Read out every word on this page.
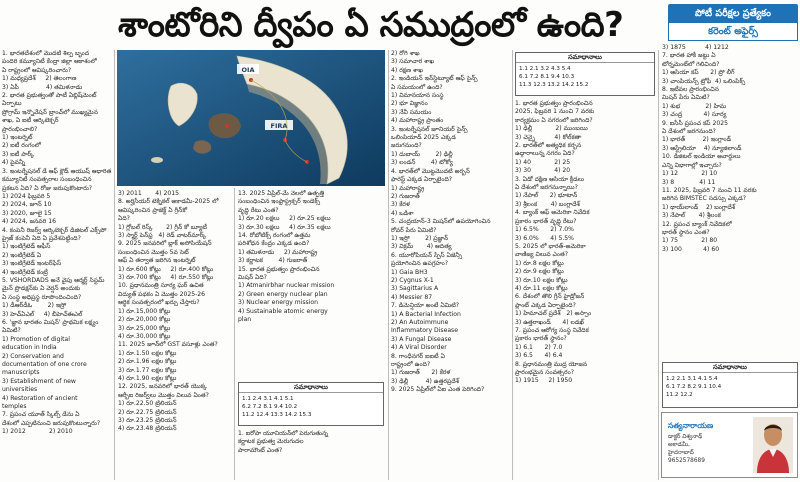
శాంటోరిని ద్వీపం ఏ సముద్రంలో ఉంది?	పోటీ పరీక్షల ప్రత్యేకం
కరెంట్ అఫైర్స్

1. భారతదేశంలో మొదటి శిల్ప బృంద

పందిరి కమ్యూనిటీ కేంద్రా జిల్లా ఆకాశంలో

ఏ రాష్ట్రంలో ఆవిష్కరించారు?

1) మధ్యప్రదేశ్     2) తెలంగాణ

3) ఏపీ              4) తమిళనాడు

2. భారత ప్రభుత్వంతో పాటీ ఏబ్లిష్‌మెంట్ ఏర్పాటు

ప్రోగ్రామ్‌ ఇన్నొవేషన్ బ్రాంచ్‌లో ముఖ్యమైన

శాఖ, ఏ ఐటీ ఆర్కిటెక్చర్

ప్రారంభించాలి?

1) ఇంటర్నెట్

2) ఐటీ రంగంలో

3) ఐటీ పార్క్

4) పైవన్నీ

3. ఇంటర్నేషనల్ డే ఆఫ్ క్లౌడ్ ఆయుష్ ఆధారిత

కమ్యూనిటీ సంవత్సరాల సంబంధించిన

ప్రకటన ఏది? ఏ రోజు జరుపుకొంటారు?

1) 2024 ఫిబ్రవరి 5

2) 2024, జూన్ 10

3) 2020, జూలై 15

4) 2024, జనవరి 16

4. కంపెనీ రిజర్వ్ ఆర్కిటెక్చర్ డిజిటల్ ఎక్స్‌పో

ప్రైజ్ కంపెనీ ఏది ఏ ప్రవేశపెట్టింది?

1) ఇంటిగ్రేటెడ్ ఆఫీస్

2) ఇంటిగ్రేటెడ్ ఏ

3) ఇంటిగ్రేటెడ్ ఇంటర్‌ఫేస్

4) ఇంటిగ్రేటెడ్ కంట్రీ

5. VSHORDADS అనే వైపు ఆర్మర్డ్ సిస్టమ్

మైన్ ప్రొడక్షన్‌కు ఏ వెర్షన్ అందుకు

ఏ సంస్థ అధిప్రస్థ రూపొందించింది?

1) డీఆర్‌డీఓ        2) ఇస్రో

3) హెచ్ఏఎల్     4) బీహెచ్ఈఎల్

6. 'జ్ఞాన భారతం మిషన్' ప్రాథమిక లక్ష్యం

ఏమిటి?

1) Promotion of digital

education in India

2) Conservation and

documentation of one crore

manuscripts

3) Establishment of new

universities

4) Restoration of ancient

temples

7. ప్రపంచ యూత్ స్కిల్స్ డేను ఏ

దేశంలో ఎప్పటినుంచి జరుపుకొంటున్నారు?

1) 2012            2) 2010

FIRA
OIA

3) 2011       4) 2015

8. అర్హిసీయర్ టెక్నికల్ అకాడమీ-2025 లో

ఆవిష్కరించిన ప్రాజెక్ట్ ఏ గ్రీన్‌కో

ఏది?

1) గ్లోబల్ రిస్క్       2) గ్రీన్ కో బ్యూటీ

3) స్మార్ట్ పెన్‌ఫ్ర   4) రెడ్ వాటర్‌మార్క్

9. 2025 జనవరిలో బ్లాక్ అసోసియేషన్

సంబంధించిన మొత్తం 5వ సెట్

ఆఫ్ ఏ తర్వాత జరిగిన ఇంటర్నెట్

1) రూ.600 కోట్లు     2) రూ.400 కోట్లు

3) రూ.700 కోట్లు     4) రూ.550 కోట్లు

10. ప్రధానమంత్రి సూర్య ఘర్ ఉచిత

విద్యుత్ పథకం ఏ మొత్తం 2025-26

ఆర్థిక సంవత్సరంలో ఖర్చు చేస్తారు?

1) రూ.15,000 కోట్లు

2) రూ.20,000 కోట్లు

3) రూ.25,000 కోట్లు

4) రూ.30,000 కోట్లు

11. 2025 జూన్‌లో GST వసూళ్లు ఎంత?

1) రూ.1.50 లక్షల కోట్లు

2) రూ.1.96 లక్షల కోట్లు

3) రూ.1.77 లక్షల కోట్లు

4) రూ.1.90 లక్షల కోట్లు

12. 2025, జనవరిలో భారత్ యొక్క

ఆర్బీఐ రిజర్వ్‌లు మొత్తం విలువ ఏంత?

1) రూ.22.50 ట్రిలియన్

2) రూ.22.75 ట్రిలియన్

3) రూ.23.25 ట్రిలియన్

4) రూ.23.48 ట్రిలియన్

13. 2025 ఏప్రిల్-మే నెలలో ఉత్పత్తి

సంబంధించిన ఇంఫ్రాస్ట్రక్చర్ ఇండెక్స్

వృద్ధి రేటు ఎంత?

1) రూ.20 లక్షలు     2) రూ.25 లక్షలు

3) రూ.30 లక్షలు     4) రూ.35 లక్షలు

14. రోబోటిక్స్ రంగంలో ఉత్తమ

పరిశోధన కేంద్రం ఎక్కడ ఉంది?

1) తమిళనాడు     2) మహారాష్ట్ర

3) కర్ణాటక        4) గుజరాత్

15. భారత ప్రభుత్వం ప్రారంభించిన

మిషన్ ఏది?

1) Atmanirbhar nuclear mission

2) Green energy nuclear plan

3) Nuclear energy mission

4) Sustainable atomic energy

plan

సమాధానాలు
1.1 2.4 3.1 4.1 5.1
6.2 7.2 8.1 9.4 10.2
11.2 12.4 13.3 14.2 15.3

1. ఐరోపా యూనియన్‌లో పెరుగుతున్న

కర్ణాటక ప్రభుత్వ మెరుగుదల

పారామౌంట్ ఎంత?

2) రోగి శాఖ

3) సమాచార శాఖ

4) రక్షణ శాఖ

2. ఇండియన్ ఇన్‌స్టిట్యూట్ ఆఫ్ సైన్స్

ఏ సమయంలో ఉంది?

1) విమానయాన సంస్థ

2) భూ విజ్ఞానం

3) నేవీ సమయం

4) మహారాష్ట్ర ప్రాంతం

3. ఇంటర్నేషనల్ జూనియర్ సైన్స్

ఒలింపియాడ్ 2025 ఎక్కడ

జరుగనుంది?

1) దుబాయ్        2) ఢిల్లీ

3) లండన్        4) టోక్యో

4. భారత్‌లో మొట్టమొదటి అర్బన్

ఫారెస్ట్ ఎక్కడ ఏర్పాటైంది?

1) మహారాష్ట్ర

2) గుజరాత్

3) కేరళ

4) ఒడిశా

5. చంద్రయాన్-3 మిషన్‌లో ఉపయోగించిన

రోవర్ పేరు ఏమిటి?

1) ఇస్రో        2) ప్రజ్ఞాన్

3) విక్రమ్       4) ఆదిత్య

6. యూరోపియన్ స్పేస్ ఏజెన్సీ

ప్రయోగించిన ఉపగ్రహం?

1) Gaia BH3

2) Cygnus X-1

3) Sagittarius A

4) Messier 87

7. డిమెన్షియా అంటే ఏమిటి?

1) A Bacterial Infection

2) An Autoimmune

Inflammatory Disease

3) A Fungal Disease

4) A Viral Disorder

8. గాంధీనగర్ ఐఐటీ ఏ

రాష్ట్రంలో ఉంది?

1) గుజరాత్      2) కేరళ

3) ఢిల్లీ         4) ఉత్తరప్రదేశ్

9. 2025 ఏప్రిల్‌లో ఏఐ ఎంత పెరిగింది?

సమాధానాలు
1.1 2.1 3.2 4.3 5.4
6.1 7.2 8.1 9.4 10.3
11.3 12.3 13.2 14.2 15.2

1. భారత ప్రభుత్వం ప్రారంభించిన

2025, ఫిబ్రవరి 1 నుంచి 7 వరకు

కార్యక్రమం ఏ నగరంలో జరిగింది?

1) ఢిల్లీ            2) ముంబయి

3) చెన్నై          4) కోల్‌కతా

2. భారత్‌లో అత్యధిక కర్బన

ఉద్గారాలున్న నగరం ఏది?

1) 40            2) 25

3) 30            4) 20

3. ఏడో దక్షిణ ఆసియా క్రీడలు

ఏ దేశంలో జరగనున్నాయి?

1) నేపాల్      2) భూటాన్

3) శ్రీలంక       4) బంగ్లాదేశ్

4. బ్యాంక్ ఆఫ్ అమెరికా నివేదిక

ప్రకారం భారత్ వృద్ధి రేటు?

1) 6.5%      2) 7.0%

3) 6.0%      4) 5.5%

5. 2025 లో భారత్-అమెరికా

వాణిజ్య విలువ ఎంత?

1) రూ.8 లక్షల కోట్లు

2) రూ.9 లక్షల కోట్లు

3) రూ.10 లక్షల కోట్లు

4) రూ.11 లక్షల కోట్లు

6. దేశంలో తొలి గ్రీన్ హైడ్రోజన్

ప్లాంట్ ఎక్కడ ఏర్పాటైంది?

1) హిమాచల్ ప్రదేశ్   2) అస్సాం

3) ఉత్తరాఖండ్      4) లడఖ్

7. ప్రపంచ ఆరోగ్య సంస్థ నివేదిక

ప్రకారం భారత్ స్థానం?

1) 6.1      2) 7.0

3) 6.5      4) 6.4

8. ప్రధానమంత్రి ముద్ర యోజన

ప్రారంభమైన సంవత్సరం?

1) 1915     2) 1950

3) 1875          4) 1212

7. భారత హాకీ జట్టు ఏ

టోర్నమెంట్‌లో గెలిచింది?

1) ఆసియా కప్      2) ప్రో లీగ్

3) చాంపియన్స్ ట్రోఫీ  4) ఒలింపిక్స్

8. ఇటీవల ప్రారంభించిన

మిషన్ పేరు ఏమిటి?

1) శుభ             2) హిమ

3) చంద్ర           4) సూర్య

9. ఐసీసీ ప్రపంచ కప్ 2025

ఏ దేశంలో జరగనుంది?

1) భారత్         2) ఇంగ్లాండ్

3) ఆస్ట్రేలియా    4) న్యూజిలాండ్

10. డిజిటల్ ఇండియా అవార్డులు

ఎన్ని విభాగాల్లో ఇచ్చారు?

1) 12            2) 10

3) 8             4) 11

11. 2025, ఫిబ్రవరి 7 నుంచి 11 వరకు

జరిగిన BIMSTEC సదస్సు ఎక్కడ?

1) థాయ్‌లాండ్    2) బంగ్లాదేశ్

3) నేపాల్       4) శ్రీలంక

12. ప్రపంచ బ్యాంక్ నివేదికలో

భారత్ స్థానం ఎంత?

1) 75            2) 80

3) 100           4) 60

సమాధానాలు
1.2 2.1 3.1 4.1 5.4
6.1 7.2 8.2 9.1 10.4
11.2 12.2
సత్యనారాయణ
డాక్టర్ విశ్వనాథ్
అకాడమీ,
హైదరాబాద్
9652578689
